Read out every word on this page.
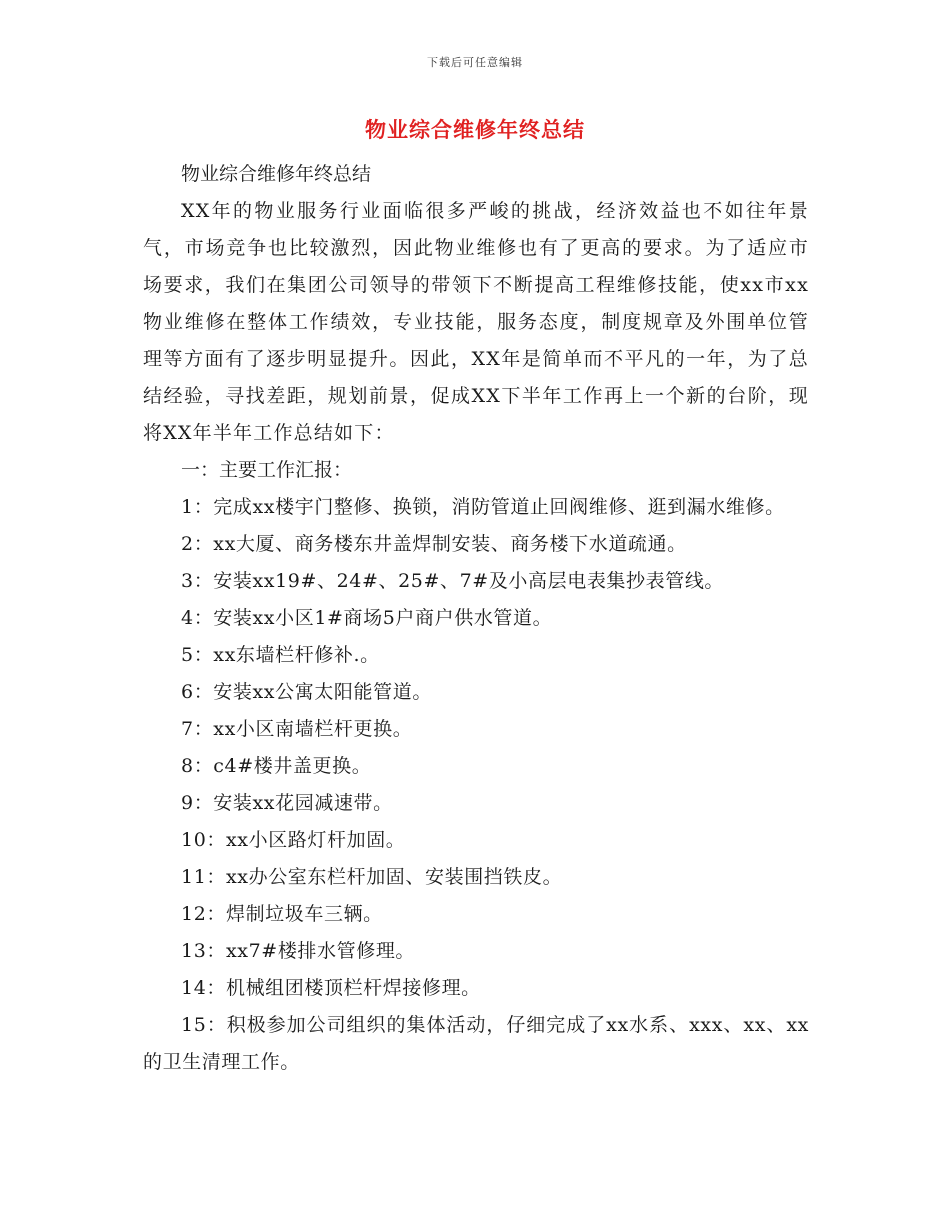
下载后可任意编辑
物业综合维修年终总结

物业综合维修年终总结

XX年的物业服务行业面临很多严峻的挑战，经济效益也不如往年景气，市场竞争也比较激烈，因此物业维修也有了更高的要求。为了适应市场要求，我们在集团公司领导的带领下不断提高工程维修技能，使xx市xx物业维修在整体工作绩效，专业技能，服务态度，制度规章及外围单位管理等方面有了逐步明显提升。因此，XX年是简单而不平凡的一年，为了总结经验，寻找差距，规划前景，促成XX下半年工作再上一个新的台阶，现将XX年半年工作总结如下：

一：主要工作汇报：

1：完成xx楼宇门整修、换锁，消防管道止回阀维修、逛到漏水维修。

2：xx大厦、商务楼东井盖焊制安装、商务楼下水道疏通。

3：安装xx19#、24#、25#、7#及小高层电表集抄表管线。

4：安装xx小区1#商场5户商户供水管道。

5：xx东墙栏杆修补.。

6：安装xx公寓太阳能管道。

7：xx小区南墙栏杆更换。

8：c4#楼井盖更换。

9：安装xx花园减速带。

10：xx小区路灯杆加固。

11：xx办公室东栏杆加固、安装围挡铁皮。

12：焊制垃圾车三辆。

13：xx7#楼排水管修理。

14：机械组团楼顶栏杆焊接修理。

15：积极参加公司组织的集体活动，仔细完成了xx水系、xxx、xx、xx的卫生清理工作。
